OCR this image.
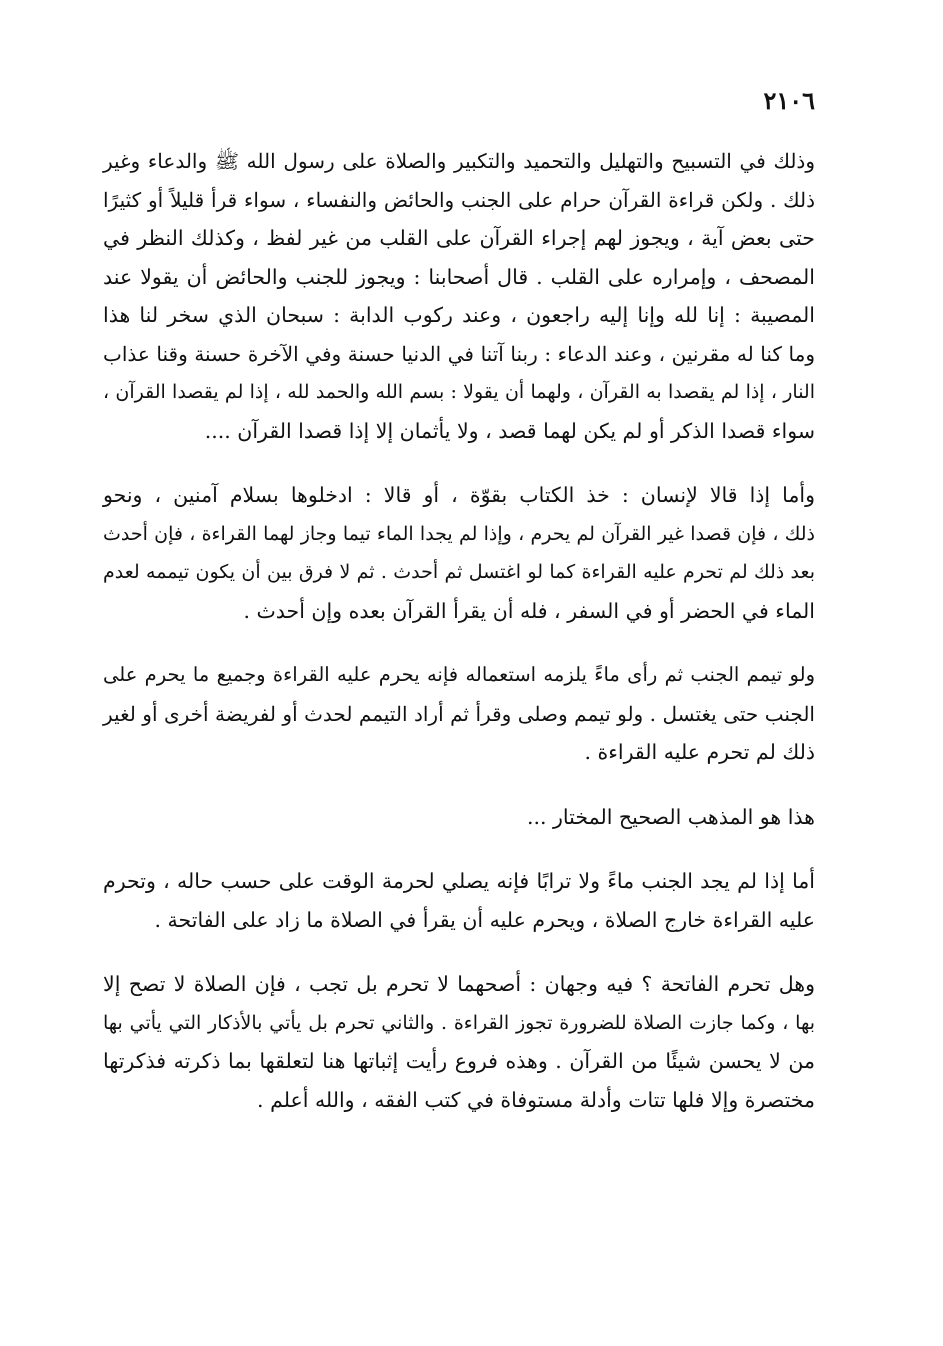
٢١٠٦

وذلك في التسبيح والتهليل والتحميد والتكبير والصلاة على رسول الله ﷺ والدعاء وغير
ذلك . ولكن قراءة القرآن حرام على الجنب والحائض والنفساء ، سواء قرأ قليلاً أو كثيرًا
حتى بعض آية ، ويجوز لهم إجراء القرآن على القلب من غير لفظ ، وكذلك النظر في
المصحف ، وإمراره على القلب . قال أصحابنا : ويجوز للجنب والحائض أن يقولا عند
المصيبة : إنا لله وإنا إليه راجعون ، وعند ركوب الدابة : سبحان الذي سخر لنا هذا
وما كنا له مقرنين ، وعند الدعاء : ربنا آتنا في الدنيا حسنة وفي الآخرة حسنة وقنا عذاب
النار ، إذا لم يقصدا به القرآن ، ولهما أن يقولا : بسم الله والحمد لله ، إذا لم يقصدا القرآن ،
سواء قصدا الذكر أو لم يكن لهما قصد ، ولا يأثمان إلا إذا قصدا القرآن ....

وأما إذا قالا لإنسان : خذ الكتاب بقوّة ، أو قالا : ادخلوها بسلام آمنين ، ونحو
ذلك ، فإن قصدا غير القرآن لم يحرم ، وإذا لم يجدا الماء تيما وجاز لهما القراءة ، فإن أحدث
بعد ذلك لم تحرم عليه القراءة كما لو اغتسل ثم أحدث . ثم لا فرق بين أن يكون تيممه لعدم
الماء في الحضر أو في السفر ، فله أن يقرأ القرآن بعده وإن أحدث .

ولو تيمم الجنب ثم رأى ماءً يلزمه استعماله فإنه يحرم عليه القراءة وجميع ما يحرم على
الجنب حتى يغتسل . ولو تيمم وصلى وقرأ ثم أراد التيمم لحدث أو لفريضة أخرى أو لغير
ذلك لم تحرم عليه القراءة .

هذا هو المذهب الصحيح المختار ...

أما إذا لم يجد الجنب ماءً ولا ترابًا فإنه يصلي لحرمة الوقت على حسب حاله ، وتحرم
عليه القراءة خارج الصلاة ، ويحرم عليه أن يقرأ في الصلاة ما زاد على الفاتحة .

وهل تحرم الفاتحة ؟ فيه وجهان : أصحهما لا تحرم بل تجب ، فإن الصلاة لا تصح إلا
بها ، وكما جازت الصلاة للضرورة تجوز القراءة . والثاني تحرم بل يأتي بالأذكار التي يأتي بها
من لا يحسن شيئًا من القرآن . وهذه فروع رأيت إثباتها هنا لتعلقها بما ذكرته فذكرتها
مختصرة وإلا فلها تتات وأدلة مستوفاة في كتب الفقه ، والله أعلم .
